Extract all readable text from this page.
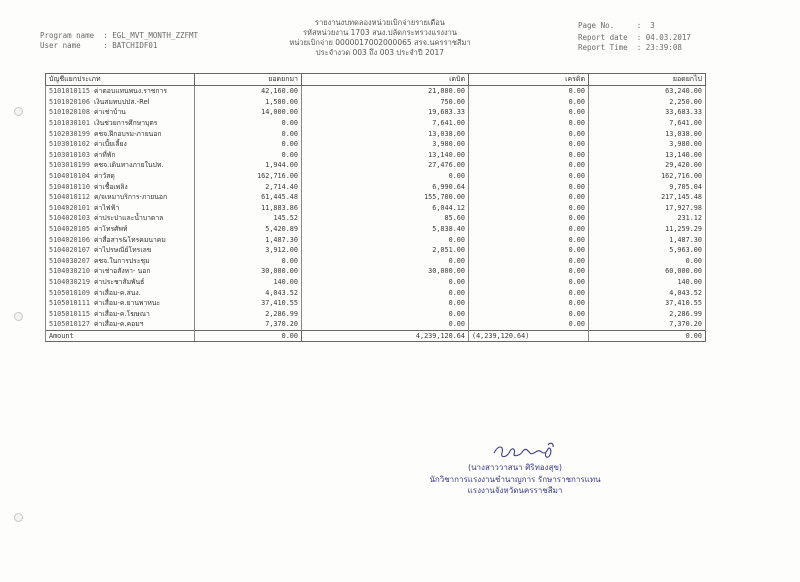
Program name  : EGL_MVT_MONTH_ZZFMT
User name     : BATCHIDF01
รายงานงบทดลองหน่วยเบิกจ่ายรายเดือน
รหัสหน่วยงาน 1703 สนง.ปลัดกระทรวงแรงงาน
หน่วยเบิกจ่าย 0000017002000065 สรจ.นครราชสีมา
ประจำงวด 003 ถึง 003 ประจำปี 2017
Page No.     : 3
Report date  : 04.03.2017
Report Time  : 23:39:08
บัญชีแยกประเภท	ยอดยกมา	เดบิต	เครดิต	ยอดยกไป
5101010115 ค่าตอบแทนพนง.ราชการ	42,160.00	21,080.00	0.00	63,240.00
5101020106 เงินสมทบปปส.-Rel	1,500.00	750.00	0.00	2,250.00
5101020108 ค่าเช่าบ้าน	14,000.00	19,683.33	0.00	33,683.33
5101030101 เงินช่วยการศึกษาบุตร	0.00	7,641.00	0.00	7,641.00
5102030199 คชจ.ฝึกอบรม-ภายนอก	0.00	13,038.00	0.00	13,038.00
5103010102 ค่าเบี้ยเลี้ยง	0.00	3,980.00	0.00	3,980.00
5103010103 ค่าที่พัก	0.00	13,140.00	0.00	13,140.00
5103010199 คชจ.เดินทางภายในปท.	1,944.00	27,476.00	0.00	29,420.00
5104010104 ค่าวัสดุ	162,716.00	0.00	0.00	162,716.00
5104010110 ค่าเชื้อเพลิง	2,714.40	6,990.64	0.00	9,705.04
5104010112 ค/จเหมาบริการ-ภายนอก	61,445.48	155,700.00	0.00	217,145.48
5104020101 ค่าไฟฟ้า	11,883.86	6,044.12	0.00	17,927.98
5104020103 ค่าประปาและน้ำบาดาล	145.52	85.60	0.00	231.12
5104020105 ค่าโทรศัพท์	5,420.89	5,838.40	0.00	11,259.29
5104020106 ค่าสื่อสาร&โทรคมนาคม	1,487.30	0.00	0.00	1,487.30
5104020107 ค่าไปรษณีย์โทรเลข	3,912.00	2,051.00	0.00	5,963.00
5104030207 คชจ.ในการประชุม	0.00	0.00	0.00	0.00
5104030210 ค่าเช่าอสังหา- นอก	30,000.00	30,000.00	0.00	60,000.00
5104030219 ค่าประชาสัมพันธ์	140.00	0.00	0.00	140.00
5105010109 ค่าเสื่อม-ค.สนง.	4,043.52	0.00	0.00	4,043.52
5105010111 ค่าเสื่อม-ค.ยานพาหนะ	37,410.55	0.00	0.00	37,410.55
5105010115 ค่าเสื่อม-ค.โฆษณา	2,286.99	0.00	0.00	2,286.99
5105010127 ค่าเสื่อม-ค.คอมฯ	7,370.20	0.00	0.00	7,370.20
Amount	0.00	4,239,120.64	(4,239,120.64)	0.00
(นางสาววาสนา ศิริทองสุข)
นักวิชาการแรงงานชำนาญการ รักษาราชการแทน
แรงงานจังหวัดนครราชสีมา
